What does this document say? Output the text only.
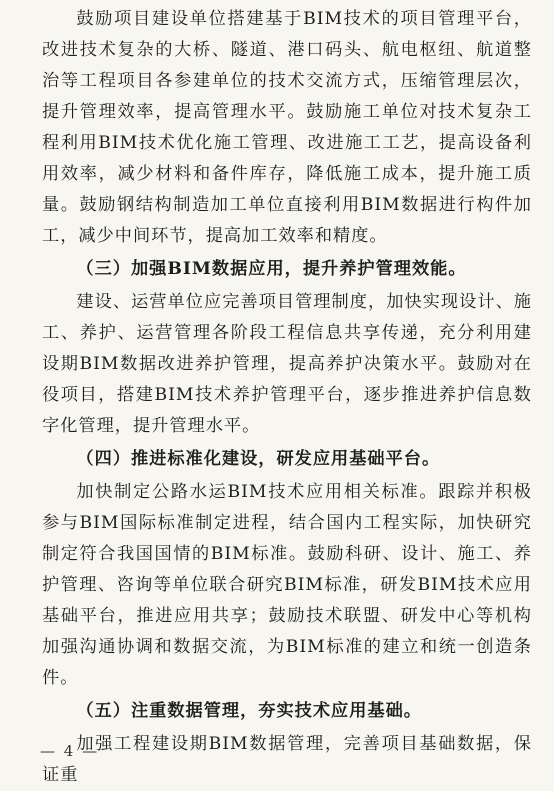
鼓励项目建设单位搭建基于BIM技术的项目管理平台，改进技术复杂的大桥、隧道、港口码头、航电枢纽、航道整治等工程项目各参建单位的技术交流方式，压缩管理层次，提升管理效率，提高管理水平。鼓励施工单位对技术复杂工程利用BIM技术优化施工管理、改进施工工艺，提高设备利用效率，减少材料和备件库存，降低施工成本，提升施工质量。鼓励钢结构制造加工单位直接利用BIM数据进行构件加工，减少中间环节，提高加工效率和精度。

（三）加强BIM数据应用，提升养护管理效能。

建设、运营单位应完善项目管理制度，加快实现设计、施工、养护、运营管理各阶段工程信息共享传递，充分利用建设期BIM数据改进养护管理，提高养护决策水平。鼓励对在役项目，搭建BIM技术养护管理平台，逐步推进养护信息数字化管理，提升管理水平。

（四）推进标准化建设，研发应用基础平台。

加快制定公路水运BIM技术应用相关标准。跟踪并积极参与BIM国际标准制定进程，结合国内工程实际，加快研究制定符合我国国情的BIM标准。鼓励科研、设计、施工、养护管理、咨询等单位联合研究BIM标准，研发BIM技术应用基础平台，推进应用共享；鼓励技术联盟、研发中心等机构加强沟通协调和数据交流，为BIM标准的建立和统一创造条件。

（五）注重数据管理，夯实技术应用基础。

加强工程建设期BIM数据管理，完善项目基础数据，保证重

— 4 —
